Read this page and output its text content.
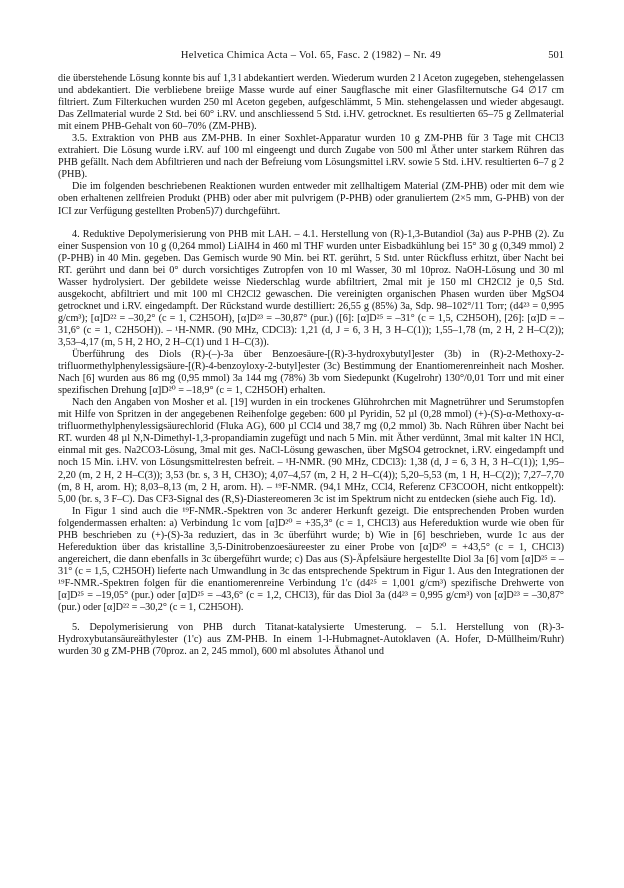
Helvetica Chimica Acta – Vol. 65, Fasc. 2 (1982) – Nr. 49	501

die überstehende Lösung konnte bis auf 1,3 l abdekantiert werden. Wiederum wurden 2 l Aceton zugegeben, stehengelassen und abdekantiert. Die verbliebene breiige Masse wurde auf einer Saugflasche mit einer Glasfilternutsche G4 ∅17 cm filtriert. Zum Filterkuchen wurden 250 ml Aceton gegeben, aufgeschlämmt, 5 Min. stehengelassen und wieder abgesaugt. Das Zellmaterial wurde 2 Std. bei 60° i.RV. und anschliessend 5 Std. i.HV. getrocknet. Es resultierten 65–75 g Zellmaterial mit einem PHB-Gehalt von 60–70% (ZM-PHB).

3.5. Extraktion von PHB aus ZM-PHB. In einer Soxhlet-Apparatur wurden 10 g ZM-PHB für 3 Tage mit CHCl3 extrahiert. Die Lösung wurde i.RV. auf 100 ml eingeengt und durch Zugabe von 500 ml Äther unter starkem Rühren das PHB gefällt. Nach dem Abfiltrieren und nach der Befreiung vom Lösungsmittel i.RV. sowie 5 Std. i.HV. resultierten 6–7 g 2 (PHB).

Die im folgenden beschriebenen Reaktionen wurden entweder mit zellhaltigem Material (ZM-PHB) oder mit dem wie oben erhaltenen zellfreien Produkt (PHB) oder aber mit pulvrigem (P-PHB) oder granuliertem (2×5 mm, G-PHB) von der ICI zur Verfügung gestellten Proben5)7) durchgeführt.

4. Reduktive Depolymerisierung von PHB mit LAH. – 4.1. Herstellung von (R)-1,3-Butandiol (3a) aus P-PHB (2). Zu einer Suspension von 10 g (0,264 mmol) LiAlH4 in 460 ml THF wurden unter Eisbadkühlung bei 15° 30 g (0,349 mmol) 2 (P-PHB) in 40 Min. gegeben. Das Gemisch wurde 90 Min. bei RT. gerührt, 5 Std. unter Rückfluss erhitzt, über Nacht bei RT. gerührt und dann bei 0° durch vorsichtiges Zutropfen von 10 ml Wasser, 30 ml 10proz. NaOH-Lösung und 30 ml Wasser hydrolysiert. Der gebildete weisse Niederschlag wurde abfiltriert, 2mal mit je 150 ml CH2Cl2 je 0,5 Std. ausgekocht, abfiltriert und mit 100 ml CH2Cl2 gewaschen. Die vereinigten organischen Phasen wurden über MgSO4 getrocknet und i.RV. eingedampft. Der Rückstand wurde destilliert: 26,55 g (85%) 3a, Sdp. 98–102°/11 Torr; (d4²³ = 0,995 g/cm³); [α]D²² = –30,2° (c = 1, C2H5OH), [α]D²³ = –30,87° (pur.) ([6]: [α]D²⁵ = –31° (c = 1,5, C2H5OH), [26]: [α]D = –31,6° (c = 1, C2H5OH)). – ¹H-NMR. (90 MHz, CDCl3): 1,21 (d, J = 6, 3 H, 3 H–C(1)); 1,55–1,78 (m, 2 H, 2 H–C(2)); 3,53–4,17 (m, 5 H, 2 HO, 2 H–C(1) und 1 H–C(3)).

Überführung des Diols (R)-(–)-3a über Benzoesäure-[(R)-3-hydroxybutyl]ester (3b) in (R)-2-Methoxy-2-trifluormethylphenylessigsäure-[(R)-4-benzoyloxy-2-butyl]ester (3c) Bestimmung der Enantiomerenreinheit nach Mosher. Nach [6] wurden aus 86 mg (0,95 mmol) 3a 144 mg (78%) 3b vom Siedepunkt (Kugelrohr) 130°/0,01 Torr und mit einer spezifischen Drehung [α]D²⁰ = –18,9° (c = 1, C2H5OH) erhalten.

Nach den Angaben von Mosher et al. [19] wurden in ein trockenes Glührohrchen mit Magnetrührer und Serumstopfen mit Hilfe von Spritzen in der angegebenen Reihenfolge gegeben: 600 µl Pyridin, 52 µl (0,28 mmol) (+)-(S)-α-Methoxy-α-trifluormethylphenylessigsäurechlorid (Fluka AG), 600 µl CCl4 und 38,7 mg (0,2 mmol) 3b. Nach Rühren über Nacht bei RT. wurden 48 µl N,N-Dimethyl-1,3-propandiamin zugefügt und nach 5 Min. mit Äther verdünnt, 3mal mit kalter 1N HCl, einmal mit ges. Na2CO3-Lösung, 3mal mit ges. NaCl-Lösung gewaschen, über MgSO4 getrocknet, i.RV. eingedampft und noch 15 Min. i.HV. von Lösungsmittelresten befreit. – ¹H-NMR. (90 MHz, CDCl3): 1,38 (d, J = 6, 3 H, 3 H–C(1)); 1,95–2,20 (m, 2 H, 2 H–C(3)); 3,53 (br. s, 3 H, CH3O); 4,07–4,57 (m, 2 H, 2 H–C(4)); 5,20–5,53 (m, 1 H, H–C(2)); 7,27–7,70 (m, 8 H, arom. H); 8,03–8,13 (m, 2 H, arom. H). – ¹⁹F-NMR. (94,1 MHz, CCl4, Referenz CF3COOH, nicht entkoppelt): 5,00 (br. s, 3 F–C). Das CF3-Signal des (R,S)-Diastereomeren 3c ist im Spektrum nicht zu entdecken (siehe auch Fig. 1d).

In Figur 1 sind auch die ¹⁹F-NMR.-Spektren von 3c anderer Herkunft gezeigt. Die entsprechenden Proben wurden folgendermassen erhalten: a) Verbindung 1c vom [α]D²⁰ = +35,3° (c = 1, CHCl3) aus Hefereduktion wurde wie oben für PHB beschrieben zu (+)-(S)-3a reduziert, das in 3c überführt wurde; b) Wie in [6] beschrieben, wurde 1c aus der Hefereduktion über das kristalline 3,5-Dinitrobenzoesäureester zu einer Probe von [α]D²⁰ = +43,5° (c = 1, CHCl3) angereichert, die dann ebenfalls in 3c übergeführt wurde; c) Das aus (S)-Äpfelsäure hergestellte Diol 3a [6] vom [α]D²⁵ = –31° (c = 1,5, C2H5OH) lieferte nach Umwandlung in 3c das entsprechende Spektrum in Figur 1. Aus den Integrationen der ¹⁹F-NMR.-Spektren folgen für die enantiomerenreine Verbindung 1'c (d4²⁵ = 1,001 g/cm³) spezifische Drehwerte von [α]D²⁵ = –19,05° (pur.) oder [α]D²⁵ = –43,6° (c = 1,2, CHCl3), für das Diol 3a (d4²³ = 0,995 g/cm³) von [α]D²³ = –30,87° (pur.) oder [α]D²² = –30,2° (c = 1, C2H5OH).

5. Depolymerisierung von PHB durch Titanat-katalysierte Umesterung. – 5.1. Herstellung von (R)-3-Hydroxybutansäureäthylester (1'c) aus ZM-PHB. In einem 1-l-Hubmagnet-Autoklaven (A. Hofer, D-Müllheim/Ruhr) wurden 30 g ZM-PHB (70proz. an 2, 245 mmol), 600 ml absolutes Äthanol und
